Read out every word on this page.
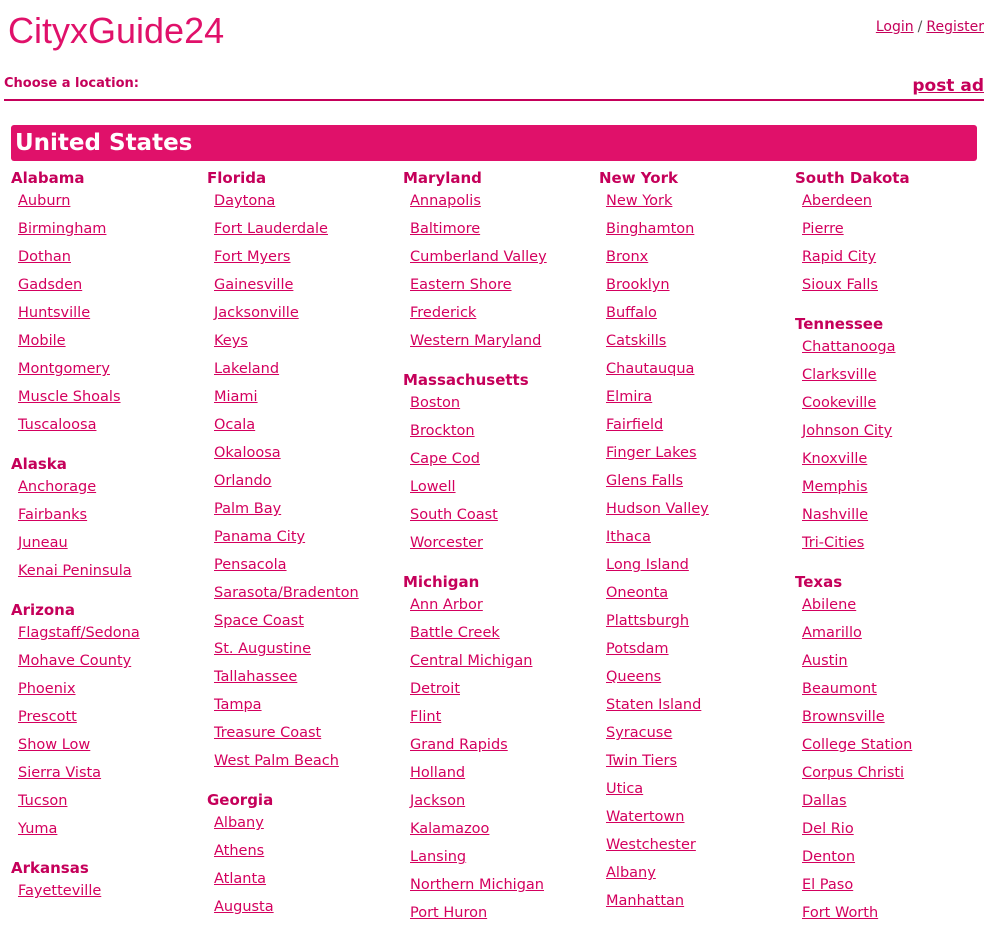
CityxGuide24	Login / Register
Choose a location:	post ad
United States
Alabama
Auburn
Birmingham
Dothan
Gadsden
Huntsville
Mobile
Montgomery
Muscle Shoals
Tuscaloosa
Alaska
Anchorage
Fairbanks
Juneau
Kenai Peninsula
Arizona
Flagstaff/Sedona
Mohave County
Phoenix
Prescott
Show Low
Sierra Vista
Tucson
Yuma
Arkansas
Fayetteville
Florida
Daytona
Fort Lauderdale
Fort Myers
Gainesville
Jacksonville
Keys
Lakeland
Miami
Ocala
Okaloosa
Orlando
Palm Bay
Panama City
Pensacola
Sarasota/Bradenton
Space Coast
St. Augustine
Tallahassee
Tampa
Treasure Coast
West Palm Beach
Georgia
Albany
Athens
Atlanta
Augusta
Maryland
Annapolis
Baltimore
Cumberland Valley
Eastern Shore
Frederick
Western Maryland
Massachusetts
Boston
Brockton
Cape Cod
Lowell
South Coast
Worcester
Michigan
Ann Arbor
Battle Creek
Central Michigan
Detroit
Flint
Grand Rapids
Holland
Jackson
Kalamazoo
Lansing
Northern Michigan
Port Huron
New York
New York
Binghamton
Bronx
Brooklyn
Buffalo
Catskills
Chautauqua
Elmira
Fairfield
Finger Lakes
Glens Falls
Hudson Valley
Ithaca
Long Island
Oneonta
Plattsburgh
Potsdam
Queens
Staten Island
Syracuse
Twin Tiers
Utica
Watertown
Westchester
Albany
Manhattan
South Dakota
Aberdeen
Pierre
Rapid City
Sioux Falls
Tennessee
Chattanooga
Clarksville
Cookeville
Johnson City
Knoxville
Memphis
Nashville
Tri-Cities
Texas
Abilene
Amarillo
Austin
Beaumont
Brownsville
College Station
Corpus Christi
Dallas
Del Rio
Denton
El Paso
Fort Worth
